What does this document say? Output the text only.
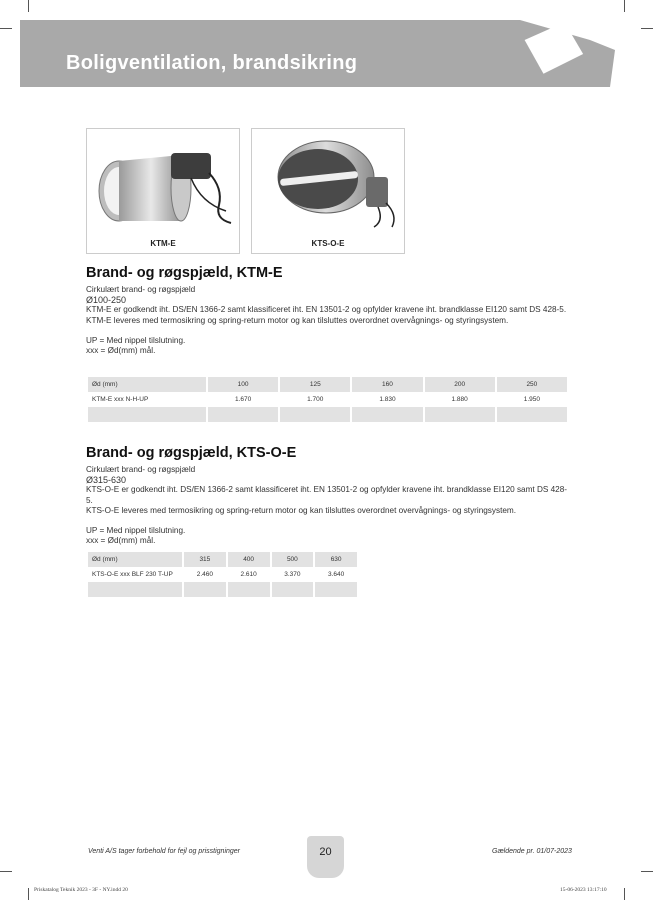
Boligventilation, brandsikring
KTM-E	KTS-O-E
Brand- og røgspjæld, KTM-E
Cirkulært brand- og røgspjæld
Ø100-250
KTM-E er godkendt iht. DS/EN 1366-2 samt klassificeret iht. EN 13501-2 og opfylder kravene iht. brandklasse EI120 samt DS 428-5.
KTM-E leveres med termosikring og spring-return motor og kan tilsluttes overordnet overvågnings- og styringsystem.
UP = Med nippel tilslutning.
xxx = Ød(mm) mål.
Ød (mm)	100	125	160	200	250
KTM-E xxx N-H-UP	1.670	1.700	1.830	1.880	1.950

Brand- og røgspjæld, KTS-O-E
Cirkulært brand- og røgspjæld
Ø315-630
KTS-O-E er godkendt iht. DS/EN 1366-2 samt klassificeret iht. EN 13501-2 og opfylder kravene iht. brandklasse EI120 samt DS 428-5.
KTS-O-E leveres med termosikring og spring-return motor og kan tilsluttes overordnet overvågnings- og styringsystem.
UP = Med nippel tilslutning.
xxx = Ød(mm) mål.
Ød (mm)	315	400	500	630
KTS-O-E xxx BLF 230 T-UP	2.460	2.610	3.370	3.640

Venti A/S tager forbehold for fejl og prisstigninger	20	Gældende pr. 01/07-2023
Priskatalog Teknik 2023 - 3F - NY.indd 20	15-06-2023 13:17:10
